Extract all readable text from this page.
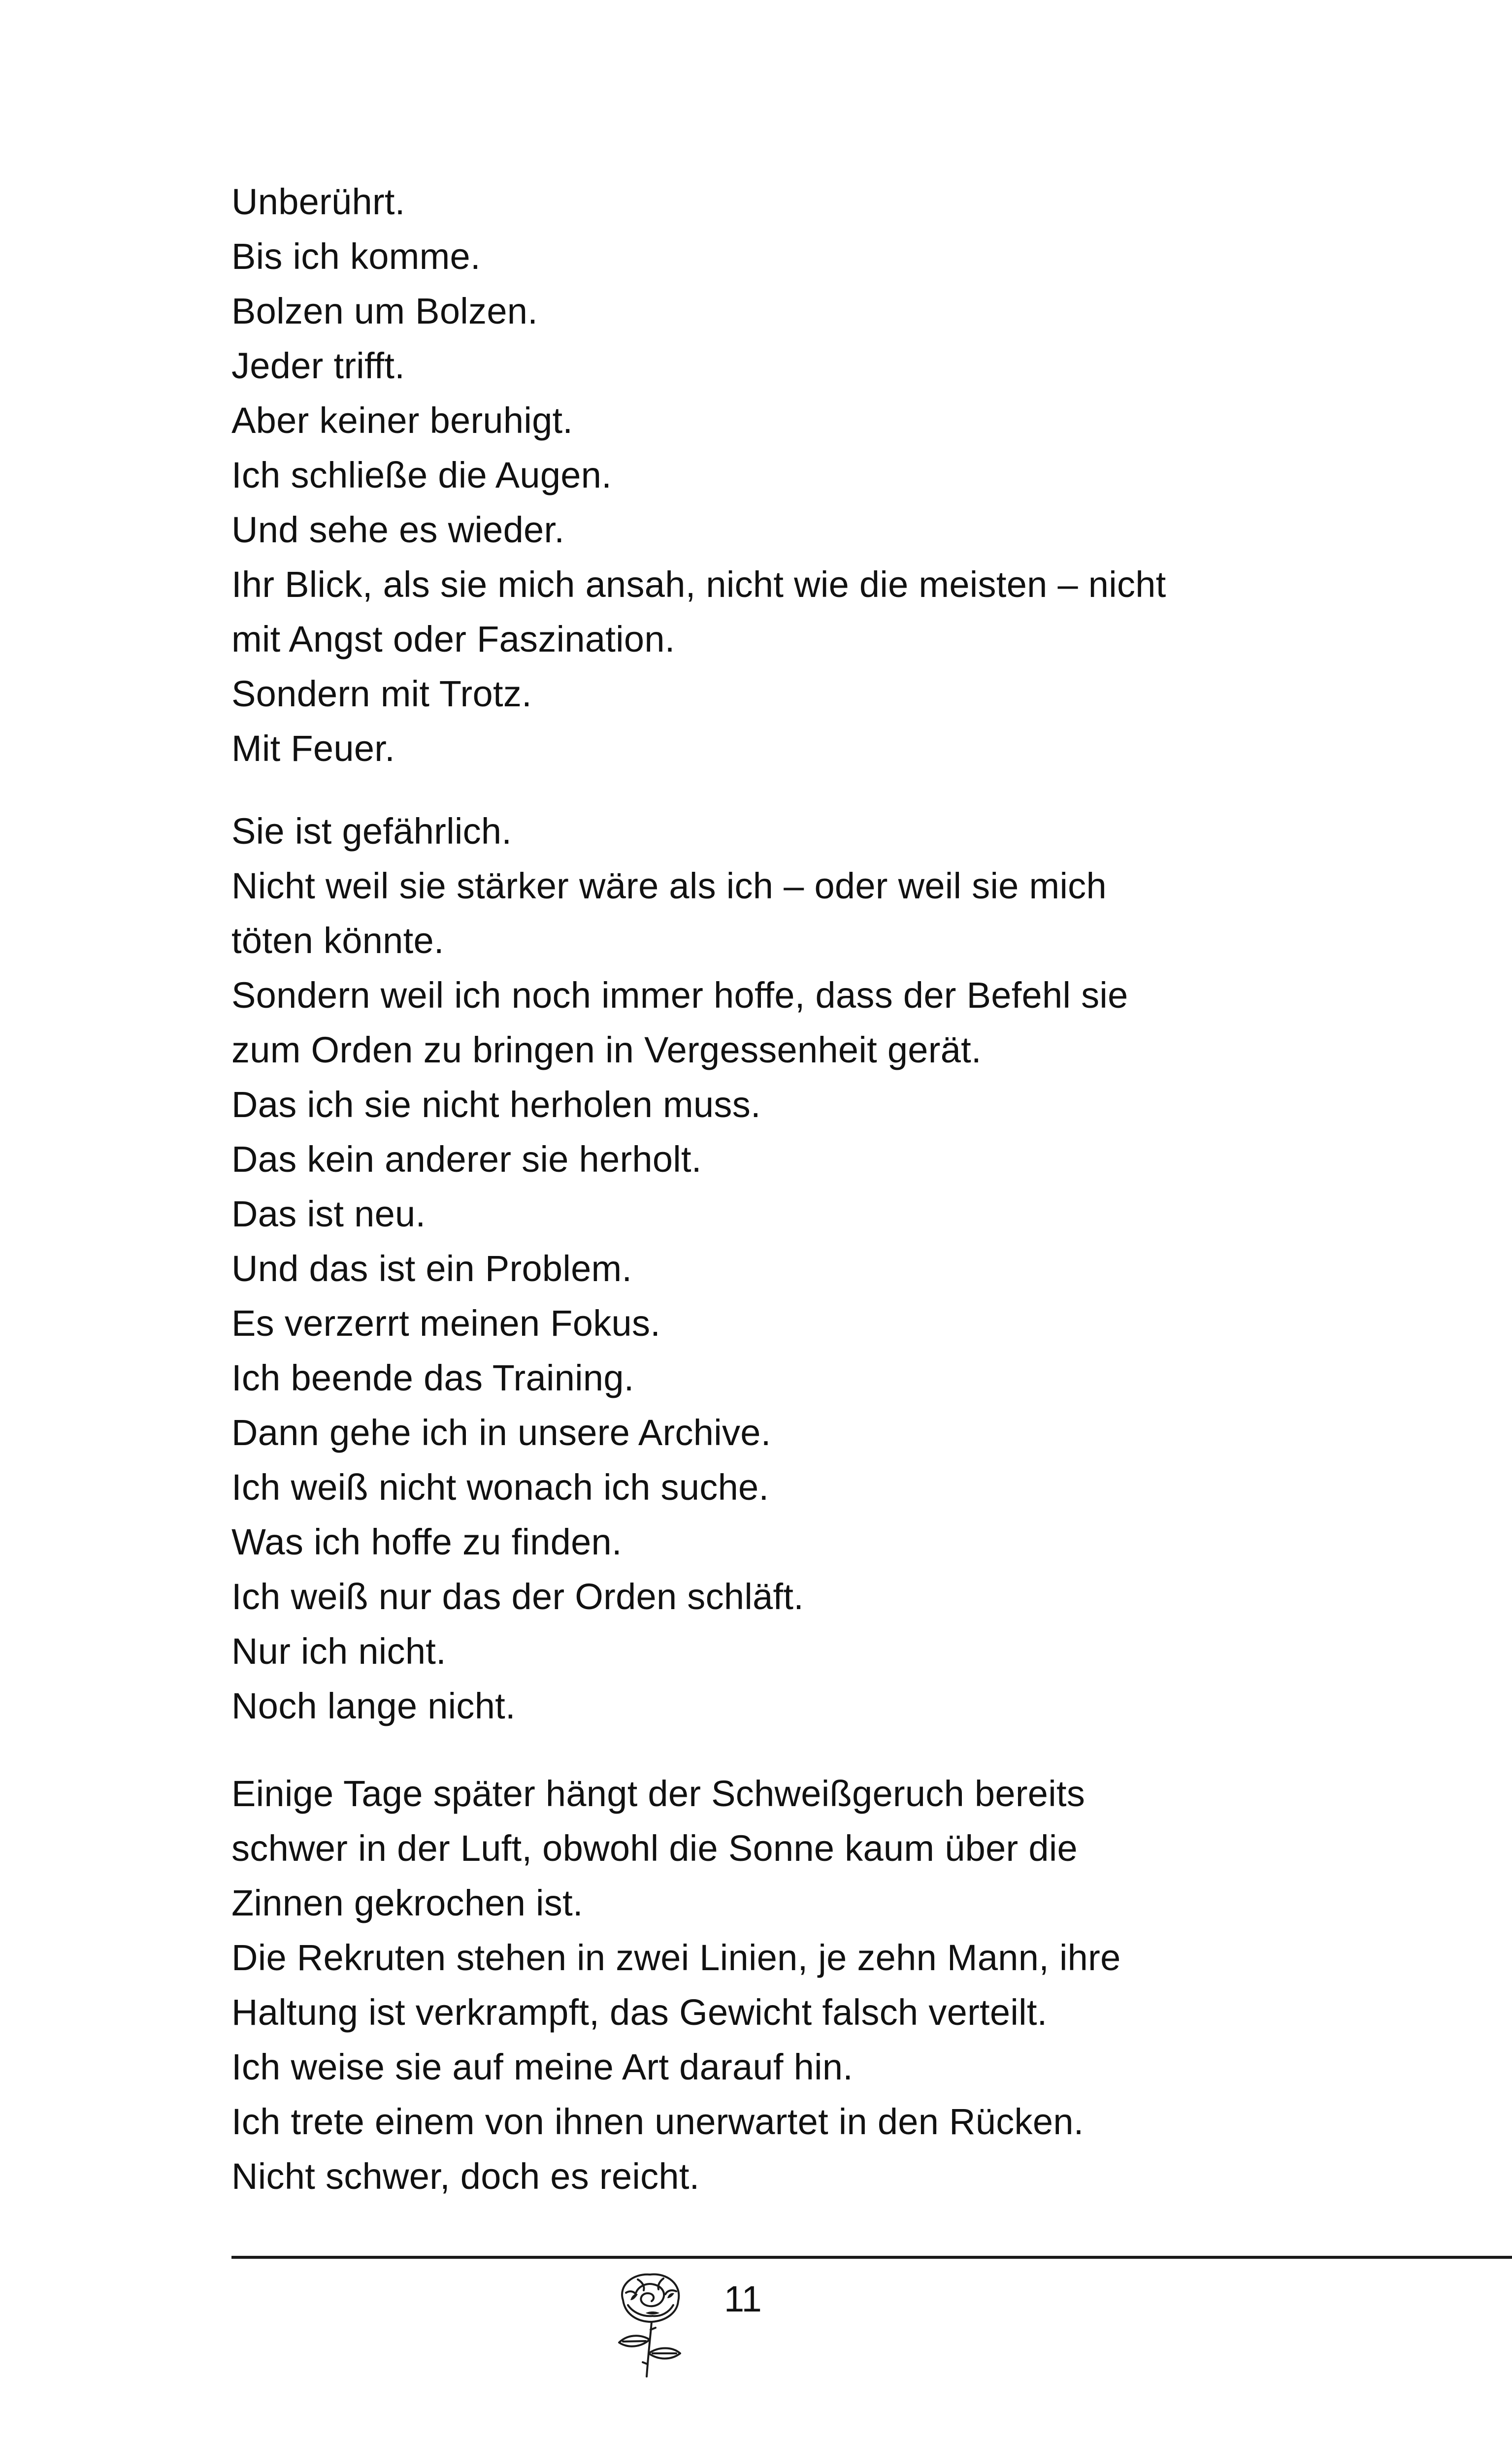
Unberührt.
Bis ich komme.
Bolzen um Bolzen.
Jeder trifft.
Aber keiner beruhigt.
Ich schließe die Augen.
Und sehe es wieder.
Ihr Blick, als sie mich ansah, nicht wie die meisten – nicht
mit Angst oder Faszination.
Sondern mit Trotz.
Mit Feuer.
Sie ist gefährlich.
Nicht weil sie stärker wäre als ich – oder weil sie mich
töten könnte.
Sondern weil ich noch immer hoffe, dass der Befehl sie
zum Orden zu bringen in Vergessenheit gerät.
Das ich sie nicht herholen muss.
Das kein anderer sie herholt.
Das ist neu.
Und das ist ein Problem.
Es verzerrt meinen Fokus.
Ich beende das Training.
Dann gehe ich in unsere Archive.
Ich weiß nicht wonach ich suche.
Was ich hoffe zu finden.
Ich weiß nur das der Orden schläft.
Nur ich nicht.
Noch lange nicht.
Einige Tage später hängt der Schweißgeruch bereits
schwer in der Luft, obwohl die Sonne kaum über die
Zinnen gekrochen ist.
Die Rekruten stehen in zwei Linien, je zehn Mann, ihre
Haltung ist verkrampft, das Gewicht falsch verteilt.
Ich weise sie auf meine Art darauf hin.
Ich trete einem von ihnen unerwartet in den Rücken.
Nicht schwer, doch es reicht.
11
